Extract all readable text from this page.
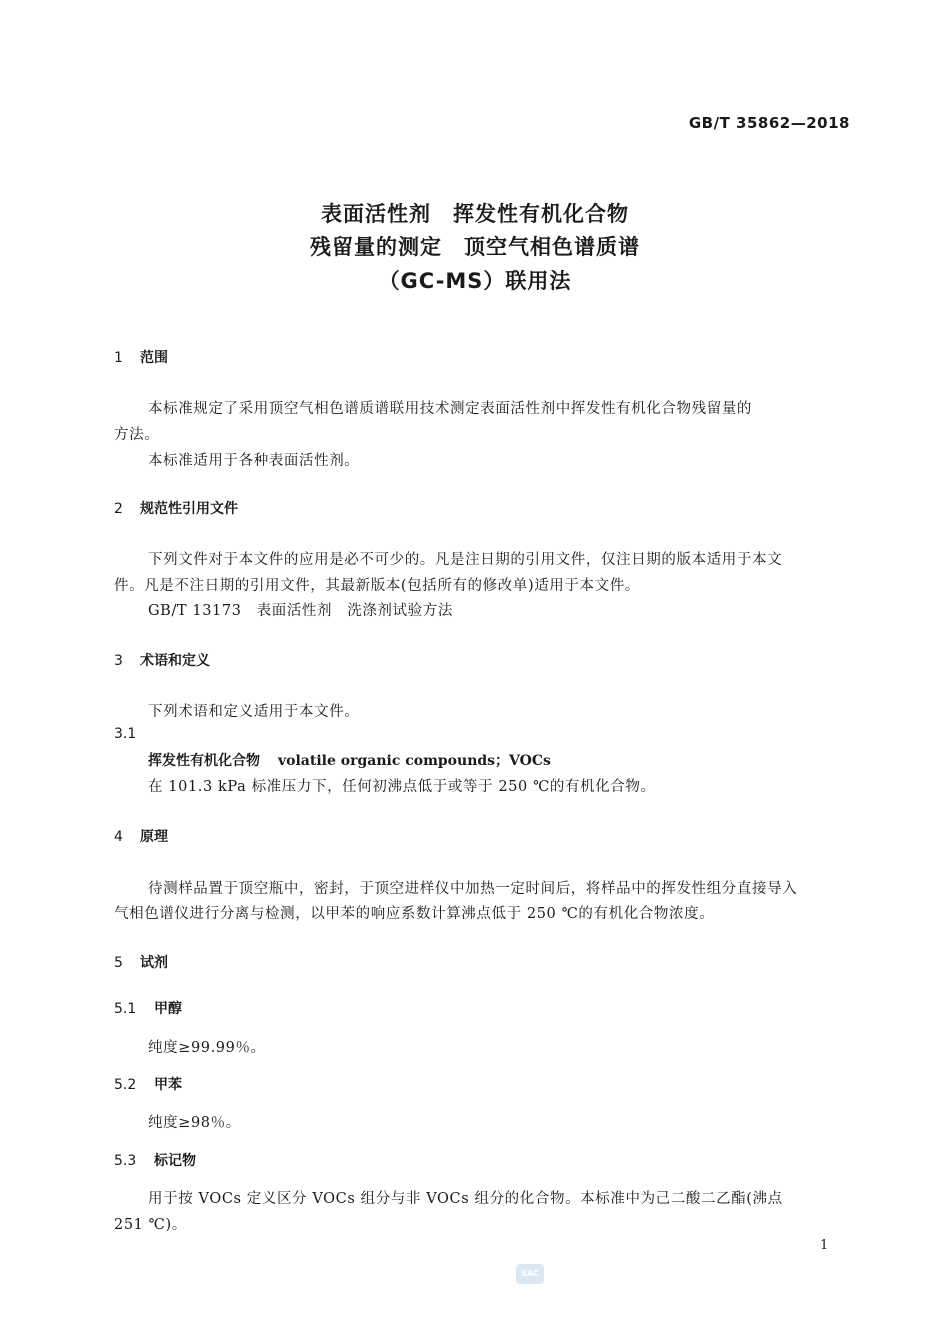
GB/T 35862—2018
表面活性剂　挥发性有机化合物
残留量的测定　顶空气相色谱质谱
（GC-MS）联用法
1 范围
本标准规定了采用顶空气相色谱质谱联用技术测定表面活性剂中挥发性有机化合物残留量的
方法。
本标准适用于各种表面活性剂。
2 规范性引用文件
下列文件对于本文件的应用是必不可少的。凡是注日期的引用文件，仅注日期的版本适用于本文
件。凡是不注日期的引用文件，其最新版本(包括所有的修改单)适用于本文件。
GB/T 13173　表面活性剂　洗涤剂试验方法
3 术语和定义
下列术语和定义适用于本文件。
3.1
挥发性有机化合物 volatile organic compounds；VOCs
在 101.3 kPa 标准压力下，任何初沸点低于或等于 250 ℃的有机化合物。
4 原理
待测样品置于顶空瓶中，密封，于顶空进样仪中加热一定时间后，将样品中的挥发性组分直接导入
气相色谱仪进行分离与检测，以甲苯的响应系数计算沸点低于 250 ℃的有机化合物浓度。
5 试剂
5.1 甲醇
纯度≥99.99％。
5.2 甲苯
纯度≥98％。
5.3 标记物
用于按 VOCs 定义区分 VOCs 组分与非 VOCs 组分的化合物。本标准中为己二酸二乙酯(沸点
251 ℃)。
1
SAC
